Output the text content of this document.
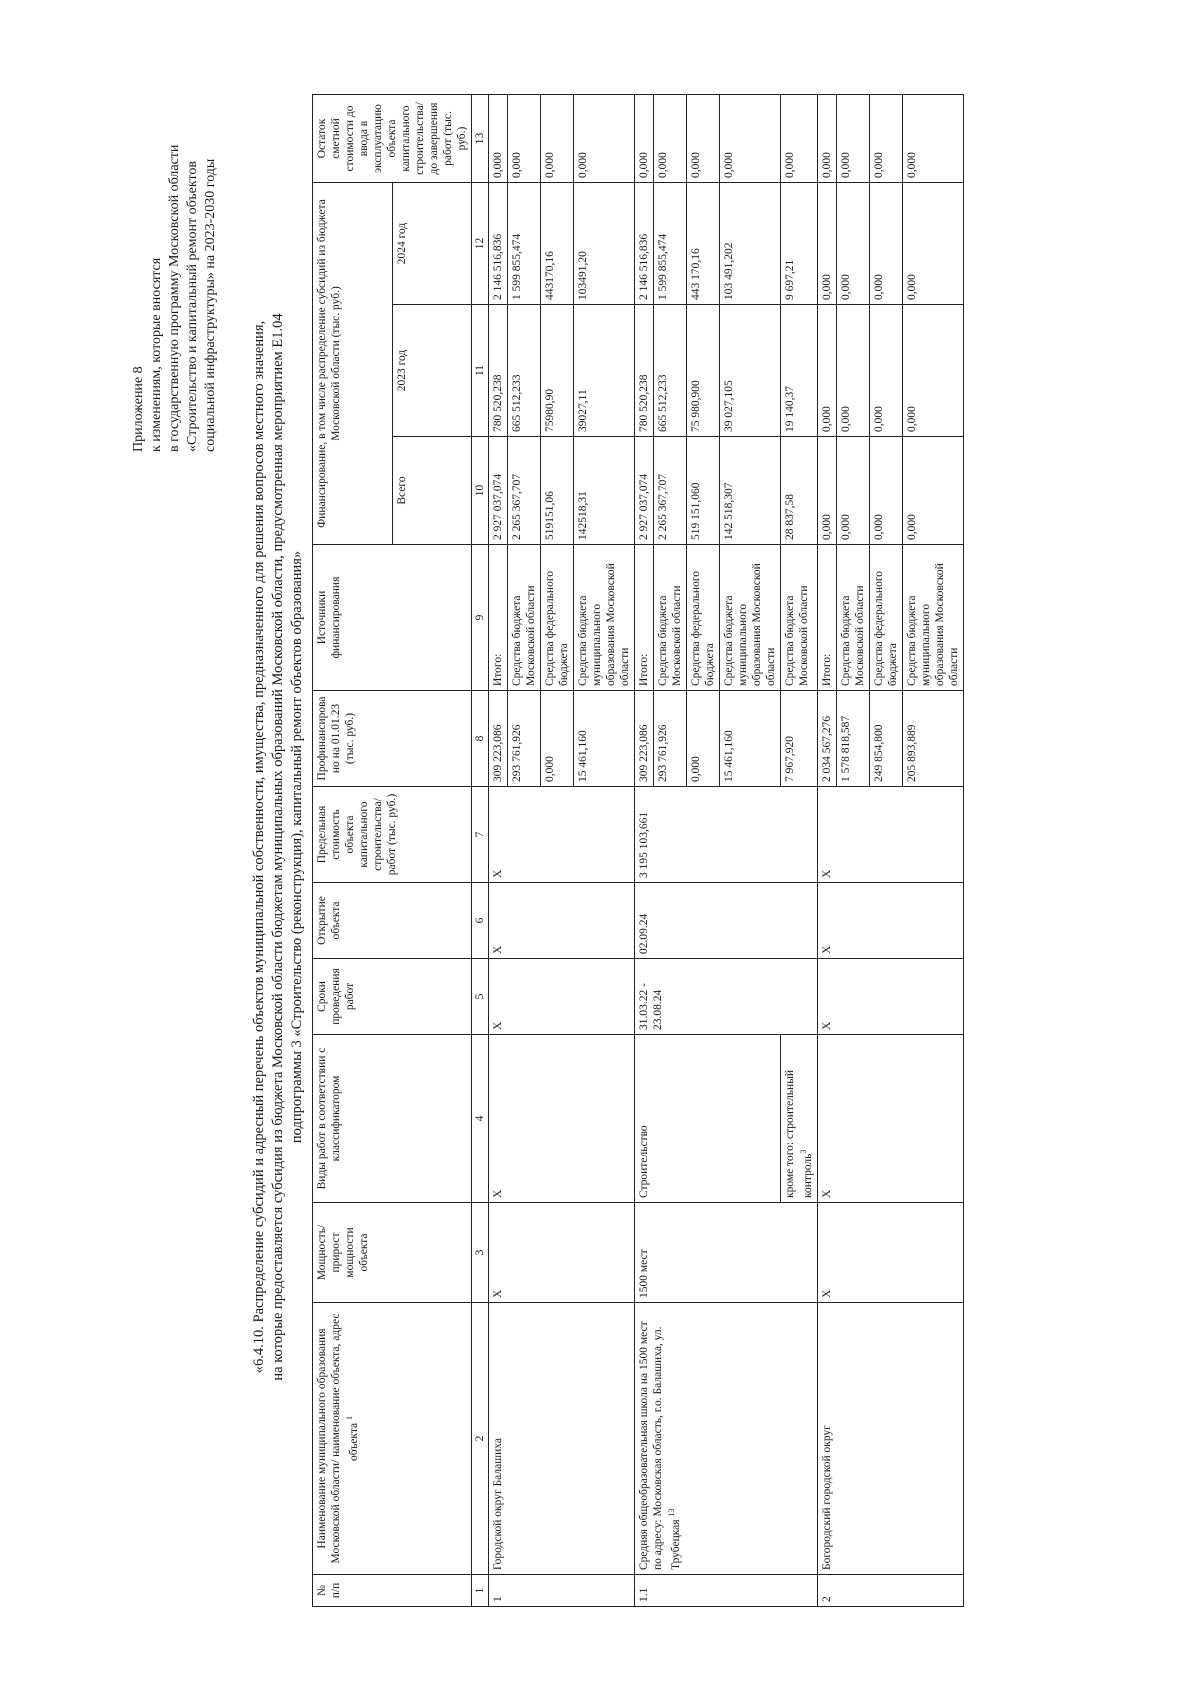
Приложение 8 к изменениям, которые вносятся в государственную программу Московской области «Строительство и капитальный ремонт объектов социальной инфраструктуры» на 2023-2030 годы
«6.4.10. Распределение субсидий и адресный перечень объектов муниципальной собственности, имущества, предназначенного для решения вопросов местного значения, на которые предоставляется субсидия из бюджета Московской области бюджетам муниципальных образований Московской области, предусмотренная мероприятием Е1.04 подпрограммы 3 «Строительство (реконструкция), капитальный ремонт объектов образования»
№ п/п	Наименование муниципального образования Московской области/ наименование объекта, адрес объекта $^1$	Мощность/ прирост мощности объекта	Виды работ в соответствии с классификатором	Сроки проведения работ	Открытие объекта	Предельная стоимость объекта капитального строительства/ работ (тыс. руб.)	Профинансировано на 01.01.23 (тыс. руб.)	Источники финансирования	Финансирование, в том числе распределение субсидий из бюджета Московской области (тыс. руб.)			Остаток сметной стоимости до ввода в эксплуатацию объекта капитального строительства/до завершения работ (тыс. руб.)
									Всего	2023 год	2024 год	
1	2	3	4	5	6	7	8	9	10	11	12	13
1	Городской округ Балашиха	Х	Х	Х	Х	Х	309 223,086	Итого:	2 927 037,074	780 520,238	2 146 516,836	0,000
							293 761,926	Средства бюджета Московской области	2 265 367,707	665 512,233	1 599 855,474	0,000
							0,000	Средства федерального бюджета	519151,06	75980,90	443170,16	0,000
							15 461,160	Средства бюджета муниципального образования Московской области	142518,31	39027,11	103491,20	0,000
1.1	Средняя общеобразовательная школа на 1500 мест по адресу: Московская область, г.о. Балашиха, ул. Трубецкая $^{13}$	1500 мест	Строительство	31.03.22 - 23.08.24	02.09.24	3 195 103,661	309 223,086	Итого:	2 927 037,074	780 520,238	2 146 516,836	0,000
							293 761,926	Средства бюджета Московской области	2 265 367,707	665 512,233	1 599 855,474	0,000
							0,000	Средства федерального бюджета	519 151,060	75 980,900	443 170,16	0,000
							15 461,160	Средства бюджета муниципального образования Московской области	142 518,307	39 027,105	103 491,202	0,000
			кроме того: строительный контроль$^3$				7 967,920	Средства бюджета Московской области	28 837,58	19 140,37	9 697,21	0,000
2	Богородский городской округ	Х	Х	Х	Х	Х	2 034 567,276	Итого:	0,000	0,000	0,000	0,000
							1 578 818,587	Средства бюджета Московской области	0,000	0,000	0,000	0,000
							249 854,800	Средства федерального бюджета	0,000	0,000	0,000	0,000
							205 893,889	Средства бюджета муниципального образования Московской области	0,000	0,000	0,000	0,000
